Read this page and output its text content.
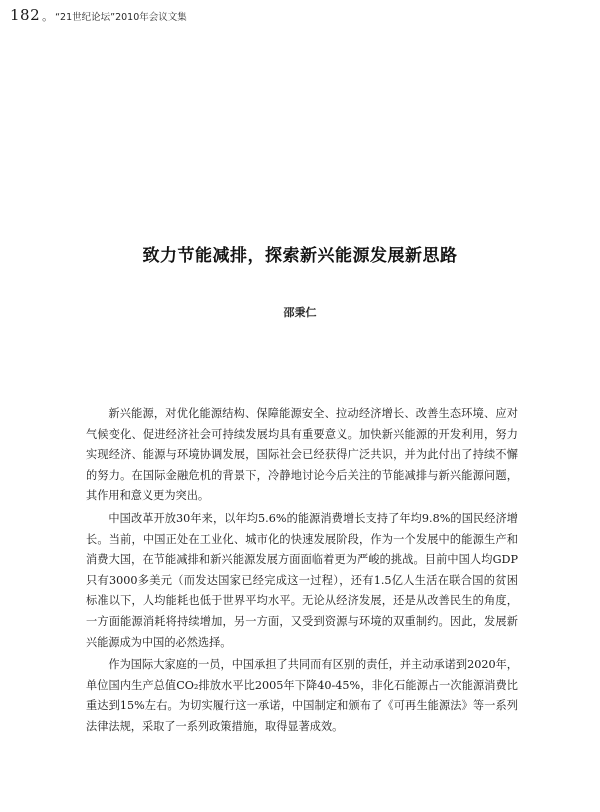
182 。 “21世纪论坛”2010年会议文集
致力节能减排，探索新兴能源发展新思路
邵秉仁

新兴能源，对优化能源结构、保障能源安全、拉动经济增长、改善生态环境、应对气候变化、促进经济社会可持续发展均具有重要意义。加快新兴能源的开发利用，努力实现经济、能源与环境协调发展，国际社会已经获得广泛共识，并为此付出了持续不懈的努力。在国际金融危机的背景下，冷静地讨论今后关注的节能减排与新兴能源问题，其作用和意义更为突出。

中国改革开放30年来，以年均5.6%的能源消费增长支持了年均9.8%的国民经济增长。当前，中国正处在工业化、城市化的快速发展阶段，作为一个发展中的能源生产和消费大国，在节能减排和新兴能源发展方面面临着更为严峻的挑战。目前中国人均GDP只有3000多美元（而发达国家已经完成这一过程），还有1.5亿人生活在联合国的贫困标准以下，人均能耗也低于世界平均水平。无论从经济发展，还是从改善民生的角度，一方面能源消耗将持续增加，另一方面，又受到资源与环境的双重制约。因此，发展新兴能源成为中国的必然选择。

作为国际大家庭的一员，中国承担了共同而有区别的责任，并主动承诺到2020年，单位国内生产总值CO₂排放水平比2005年下降40-45%，非化石能源占一次能源消费比重达到15%左右。为切实履行这一承诺，中国制定和颁布了《可再生能源法》等一系列法律法规，采取了一系列政策措施，取得显著成效。
